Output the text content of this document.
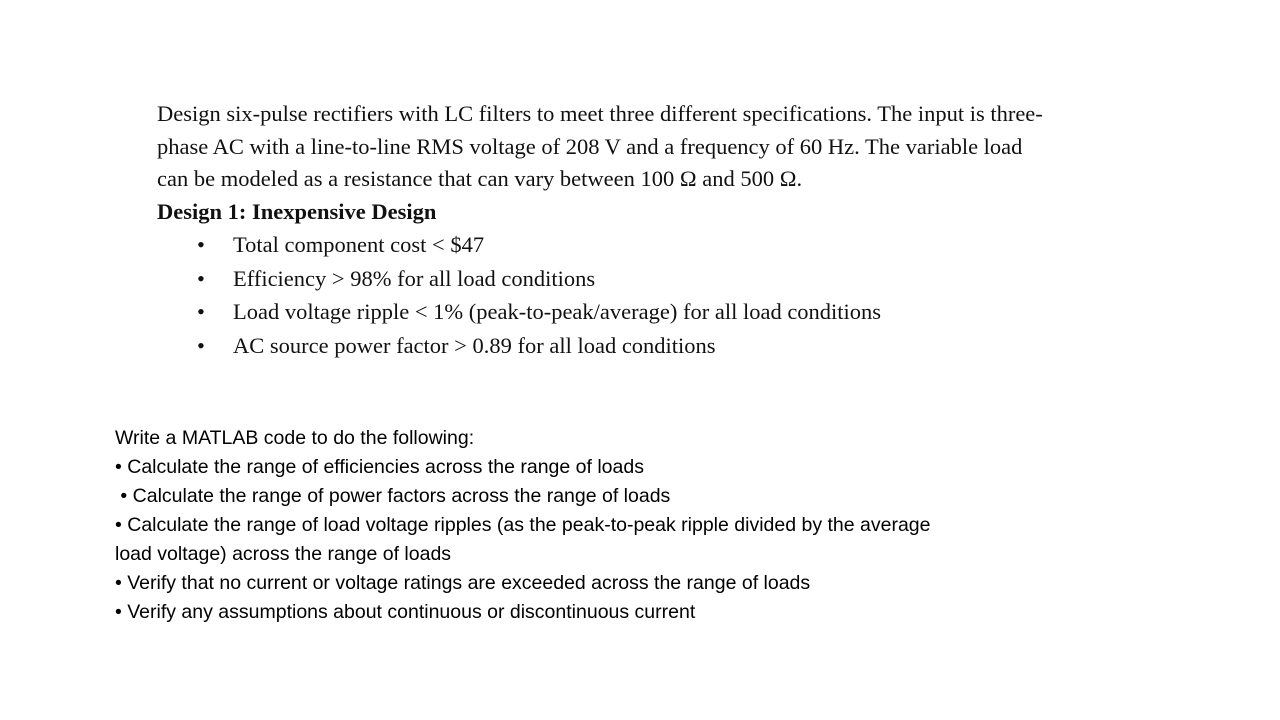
Design six-pulse rectifiers with LC filters to meet three different specifications. The input is three-

phase AC with a line-to-line RMS voltage of 208 V and a frequency of 60 Hz. The variable load

can be modeled as a resistance that can vary between 100 Ω and 500 Ω.

Design 1: Inexpensive Design

• Total component cost < $47
• Efficiency > 98% for all load conditions
• Load voltage ripple < 1% (peak-to-peak/average) for all load conditions
• AC source power factor > 0.89 for all load conditions

Write a MATLAB code to do the following:

• Calculate the range of efficiencies across the range of loads

• Calculate the range of power factors across the range of loads

• Calculate the range of load voltage ripples (as the peak-to-peak ripple divided by the average

load voltage) across the range of loads

• Verify that no current or voltage ratings are exceeded across the range of loads

• Verify any assumptions about continuous or discontinuous current
